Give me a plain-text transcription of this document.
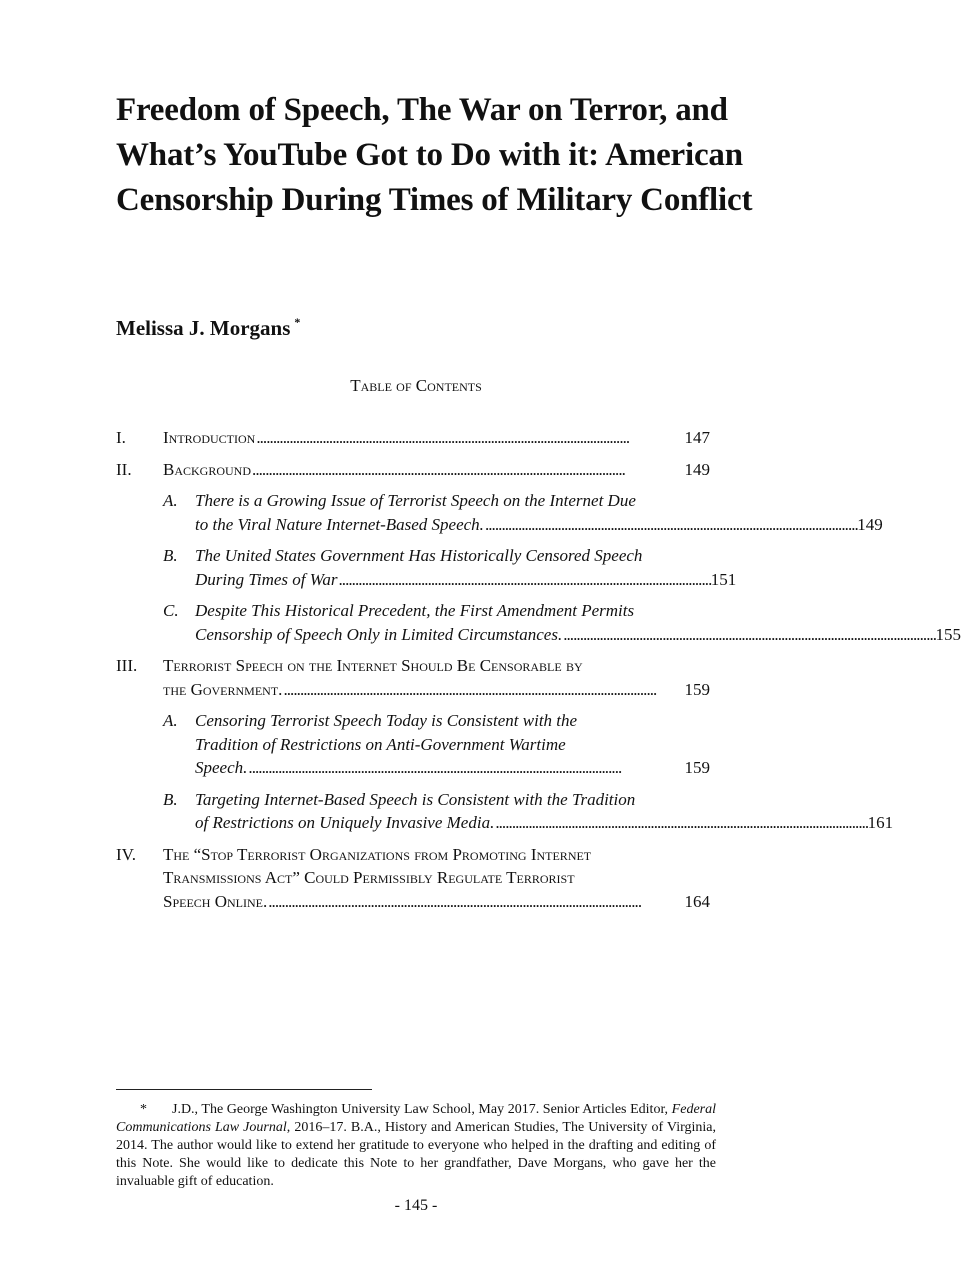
Freedom of Speech, The War on Terror, and What’s YouTube Got to Do with it: American Censorship During Times of Military Conflict

Melissa J. Morgans *

Table of Contents
I.	Introduction . . .	147
II.	Background . . .	149
A. There is a Growing Issue of Terrorist Speech on the Internet Due
to the Viral Nature Internet-Based Speech. . . .	149
B. The United States Government Has Historically Censored Speech
During Times of War . . .	151
C. Despite This Historical Precedent, the First Amendment Permits
Censorship of Speech Only in Limited Circumstances. . . .	155
III.	Terrorist Speech on the Internet Should Be Censorable by
the Government. . . .	159
A. Censoring Terrorist Speech Today is Consistent with the
Tradition of Restrictions on Anti-Government Wartime
Speech. . . .	159
B. Targeting Internet-Based Speech is Consistent with the Tradition
of Restrictions on Uniquely Invasive Media. . . .	161
IV.	The “Stop Terrorist Organizations from Promoting Internet
Transmissions Act” Could Permissibly Regulate Terrorist
Speech Online. . . .	164

* J.D., The George Washington University Law School, May 2017. Senior Articles Editor, Federal Communications Law Journal, 2016–17. B.A., History and American Studies, The University of Virginia, 2014. The author would like to extend her gratitude to everyone who helped in the drafting and editing of this Note. She would like to dedicate this Note to her grandfather, Dave Morgans, who gave her the invaluable gift of education.

- 145 -
